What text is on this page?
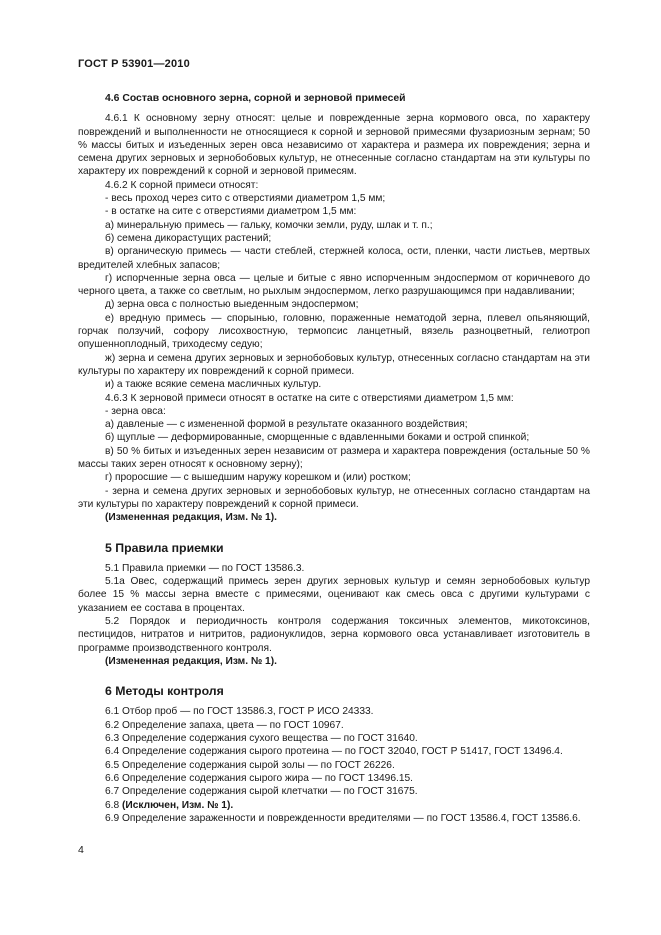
ГОСТ Р 53901—2010

4.6 Состав основного зерна, сорной и зерновой примесей

4.6.1 К основному зерну относят: целые и поврежденные зерна кормового овса, по характеру повреждений и выполненности не относящиеся к сорной и зерновой примесями фузариозным зернам; 50 % массы битых и изъеденных зерен овса независимо от характера и размера их повреждения; зерна и семена других зерновых и зернобобовых культур, не отнесенные согласно стандартам на эти культуры по характеру их повреждений к сорной и зерновой примесям.

4.6.2 К сорной примеси относят:

- весь проход через сито с отверстиями диаметром 1,5 мм;

- в остатке на сите с отверстиями диаметром 1,5 мм:

а) минеральную примесь — гальку, комочки земли, руду, шлак и т. п.;

б) семена дикорастущих растений;

в) органическую примесь — части стеблей, стержней колоса, ости, пленки, части листьев, мертвых вредителей хлебных запасов;

г) испорченные зерна овса — целые и битые с явно испорченным эндоспермом от коричневого до черного цвета, а также со светлым, но рыхлым эндоспермом, легко разрушающимся при надавливании;

д) зерна овса с полностью выеденным эндоспермом;

е) вредную примесь — спорынью, головню, пораженные нематодой зерна, плевел опьяняющий, горчак ползучий, софору лисохвостную, термопсис ланцетный, вязель разноцветный, гелиотроп опушенноплодный, триходесму седую;

ж) зерна и семена других зерновых и зернобобовых культур, отнесенных согласно стандартам на эти культуры по характеру их повреждений к сорной примеси.

и) а также всякие семена масличных культур.

4.6.3 К зерновой примеси относят в остатке на сите с отверстиями диаметром 1,5 мм:

- зерна овса:

а) давленые — с измененной формой в результате оказанного воздействия;

б) щуплые — деформированные, сморщенные с вдавленными боками и острой спинкой;

в) 50 % битых и изъеденных зерен независим от размера и характера повреждения (остальные 50 % массы таких зерен относят к основному зерну);

г) проросшие — с вышедшим наружу корешком и (или) ростком;

- зерна и семена других зерновых и зернобобовых культур, не отнесенных согласно стандартам на эти культуры по характеру повреждений к сорной примеси.

(Измененная редакция, Изм. № 1).

5 Правила приемки

5.1 Правила приемки — по ГОСТ 13586.3.

5.1а Овес, содержащий примесь зерен других зерновых культур и семян зернобобовых культур более 15 % массы зерна вместе с примесями, оценивают как смесь овса с другими культурами с указанием ее состава в процентах.

5.2 Порядок и периодичность контроля содержания токсичных элементов, микотоксинов, пестицидов, нитратов и нитритов, радионуклидов, зерна кормового овса устанавливает изготовитель в программе производственного контроля.

(Измененная редакция, Изм. № 1).

6 Методы контроля

6.1 Отбор проб — по ГОСТ 13586.3, ГОСТ Р ИСО 24333.

6.2 Определение запаха, цвета — по ГОСТ 10967.

6.3 Определение содержания сухого вещества — по ГОСТ 31640.

6.4 Определение содержания сырого протеина — по ГОСТ 32040, ГОСТ Р 51417, ГОСТ 13496.4.

6.5 Определение содержания сырой золы — по ГОСТ 26226.

6.6 Определение содержания сырого жира — по ГОСТ 13496.15.

6.7 Определение содержания сырой клетчатки — по ГОСТ 31675.

6.8 (Исключен, Изм. № 1).

6.9 Определение зараженности и поврежденности вредителями — по ГОСТ 13586.4, ГОСТ 13586.6.

4
